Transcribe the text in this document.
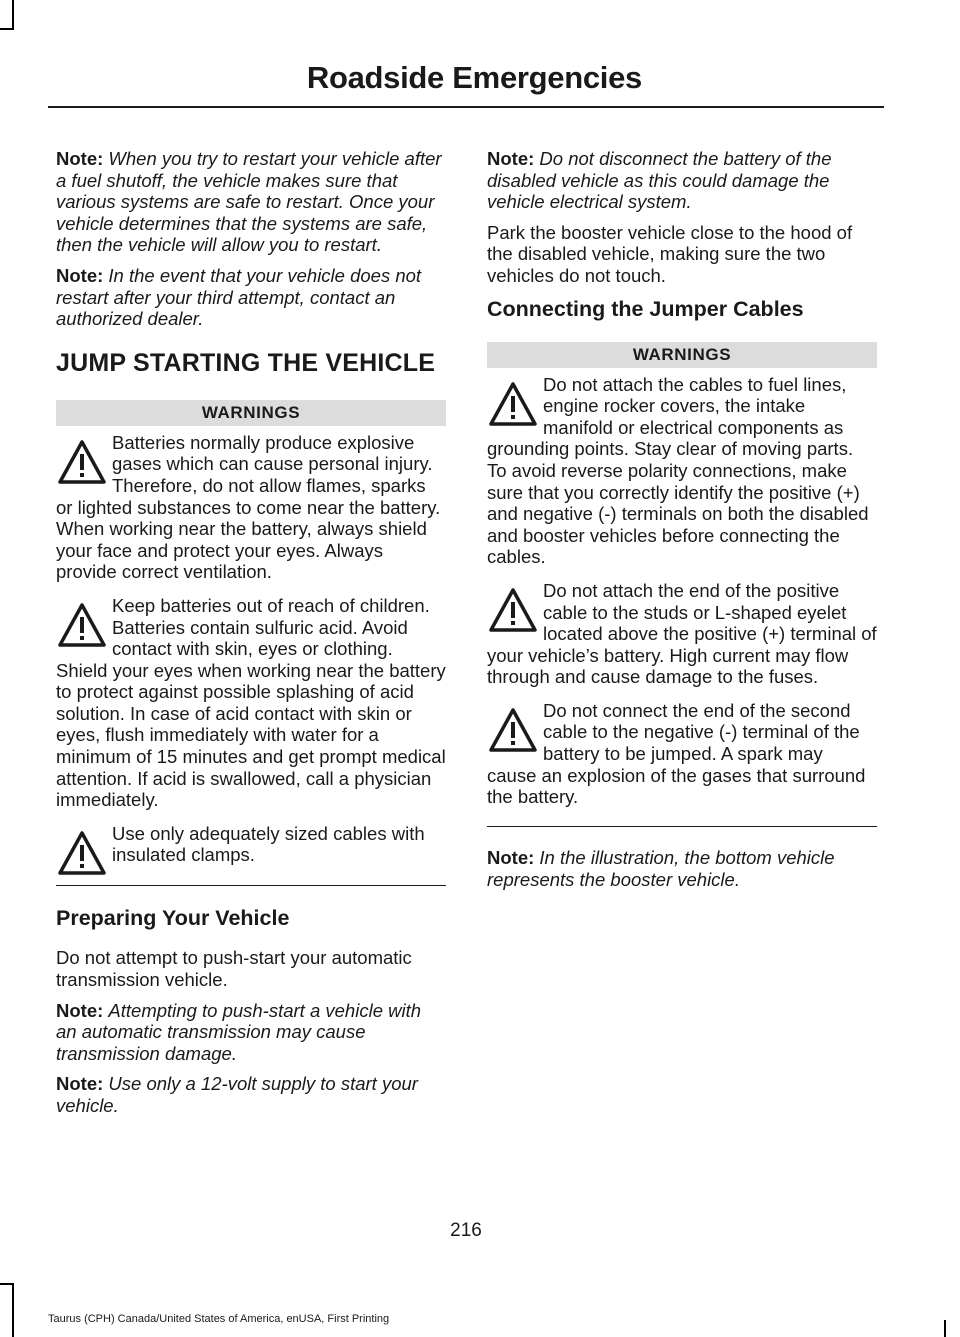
Roadside Emergencies

Note: When you try to restart your vehicle after a fuel shutoff, the vehicle makes sure that various systems are safe to restart. Once your vehicle determines that the systems are safe, then the vehicle will allow you to restart.

Note: In the event that your vehicle does not restart after your third attempt, contact an authorized dealer.

JUMP STARTING THE VEHICLE
WARNINGS
Batteries normally produce explosive gases which can cause personal injury. Therefore, do not allow flames, sparks or lighted substances to come near the battery. When working near the battery, always shield your face and protect your eyes. Always provide correct ventilation.
Keep batteries out of reach of children. Batteries contain sulfuric acid. Avoid contact with skin, eyes or clothing. Shield your eyes when working near the battery to protect against possible splashing of acid solution. In case of acid contact with skin or eyes, flush immediately with water for a minimum of 15 minutes and get prompt medical attention. If acid is swallowed, call a physician immediately.
Use only adequately sized cables with insulated clamps.
Preparing Your Vehicle

Do not attempt to push-start your automatic transmission vehicle.

Note: Attempting to push-start a vehicle with an automatic transmission may cause transmission damage.

Note: Use only a 12-volt supply to start your vehicle.

Note: Do not disconnect the battery of the disabled vehicle as this could damage the vehicle electrical system.

Park the booster vehicle close to the hood of the disabled vehicle, making sure the two vehicles do not touch.

Connecting the Jumper Cables
WARNINGS
Do not attach the cables to fuel lines, engine rocker covers, the intake manifold or electrical components as grounding points. Stay clear of moving parts. To avoid reverse polarity connections, make sure that you correctly identify the positive (+) and negative (-) terminals on both the disabled and booster vehicles before connecting the cables.
Do not attach the end of the positive cable to the studs or L-shaped eyelet located above the positive (+) terminal of your vehicle’s battery. High current may flow through and cause damage to the fuses.
Do not connect the end of the second cable to the negative (-) terminal of the battery to be jumped. A spark may cause an explosion of the gases that surround the battery.

Note: In the illustration, the bottom vehicle represents the booster vehicle.

216
Taurus (CPH) Canada/United States of America, enUSA, First Printing
